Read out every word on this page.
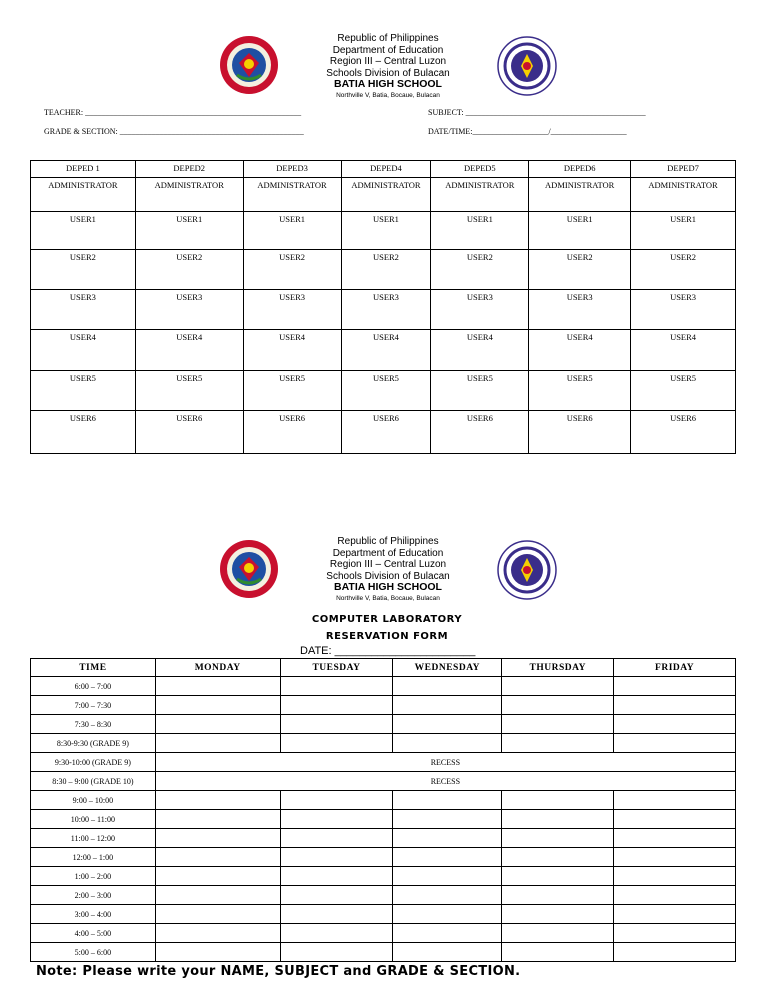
Republic of Philippines
Department of Education
Region III – Central Luzon
Schools Division of Bulacan
BATIA HIGH SCHOOL
Northville V, Batia, Bocaue, Bulacan
TEACHER: ______________________________________________________	SUBJECT: _____________________________________________
GRADE & SECTION: ______________________________________________	DATE/TIME:___________________/___________________
DEPED 1	DEPED2	DEPED3	DEPED4	DEPED5	DEPED6	DEPED7
ADMINISTRATOR	ADMINISTRATOR	ADMINISTRATOR	ADMINISTRATOR	ADMINISTRATOR	ADMINISTRATOR	ADMINISTRATOR
USER1	USER1	USER1	USER1	USER1	USER1	USER1
USER2	USER2	USER2	USER2	USER2	USER2	USER2
USER3	USER3	USER3	USER3	USER3	USER3	USER3
USER4	USER4	USER4	USER4	USER4	USER4	USER4
USER5	USER5	USER5	USER5	USER5	USER5	USER5
USER6	USER6	USER6	USER6	USER6	USER6	USER6
Republic of Philippines
Department of Education
Region III – Central Luzon
Schools Division of Bulacan
BATIA HIGH SCHOOL
Northville V, Batia, Bocaue, Bulacan
COMPUTER LABORATORY
RESERVATION FORM
DATE: _______________________
TIME	MONDAY	TUESDAY	WEDNESDAY	THURSDAY	FRIDAY
6:00 – 7:00					
7:00 – 7:30					
7:30 – 8:30					
8:30-9:30 (GRADE 9)					
9:30-10:00 (GRADE 9)	RECESS				
8:30 – 9:00 (GRADE 10)	RECESS				
9:00 – 10:00					
10:00 – 11:00					
11:00 – 12:00					
12:00 – 1:00					
1:00 – 2:00					
2:00 – 3:00					
3:00 – 4:00					
4:00 – 5:00					
5:00 – 6:00					
Note: Please write your NAME, SUBJECT and GRADE & SECTION.
